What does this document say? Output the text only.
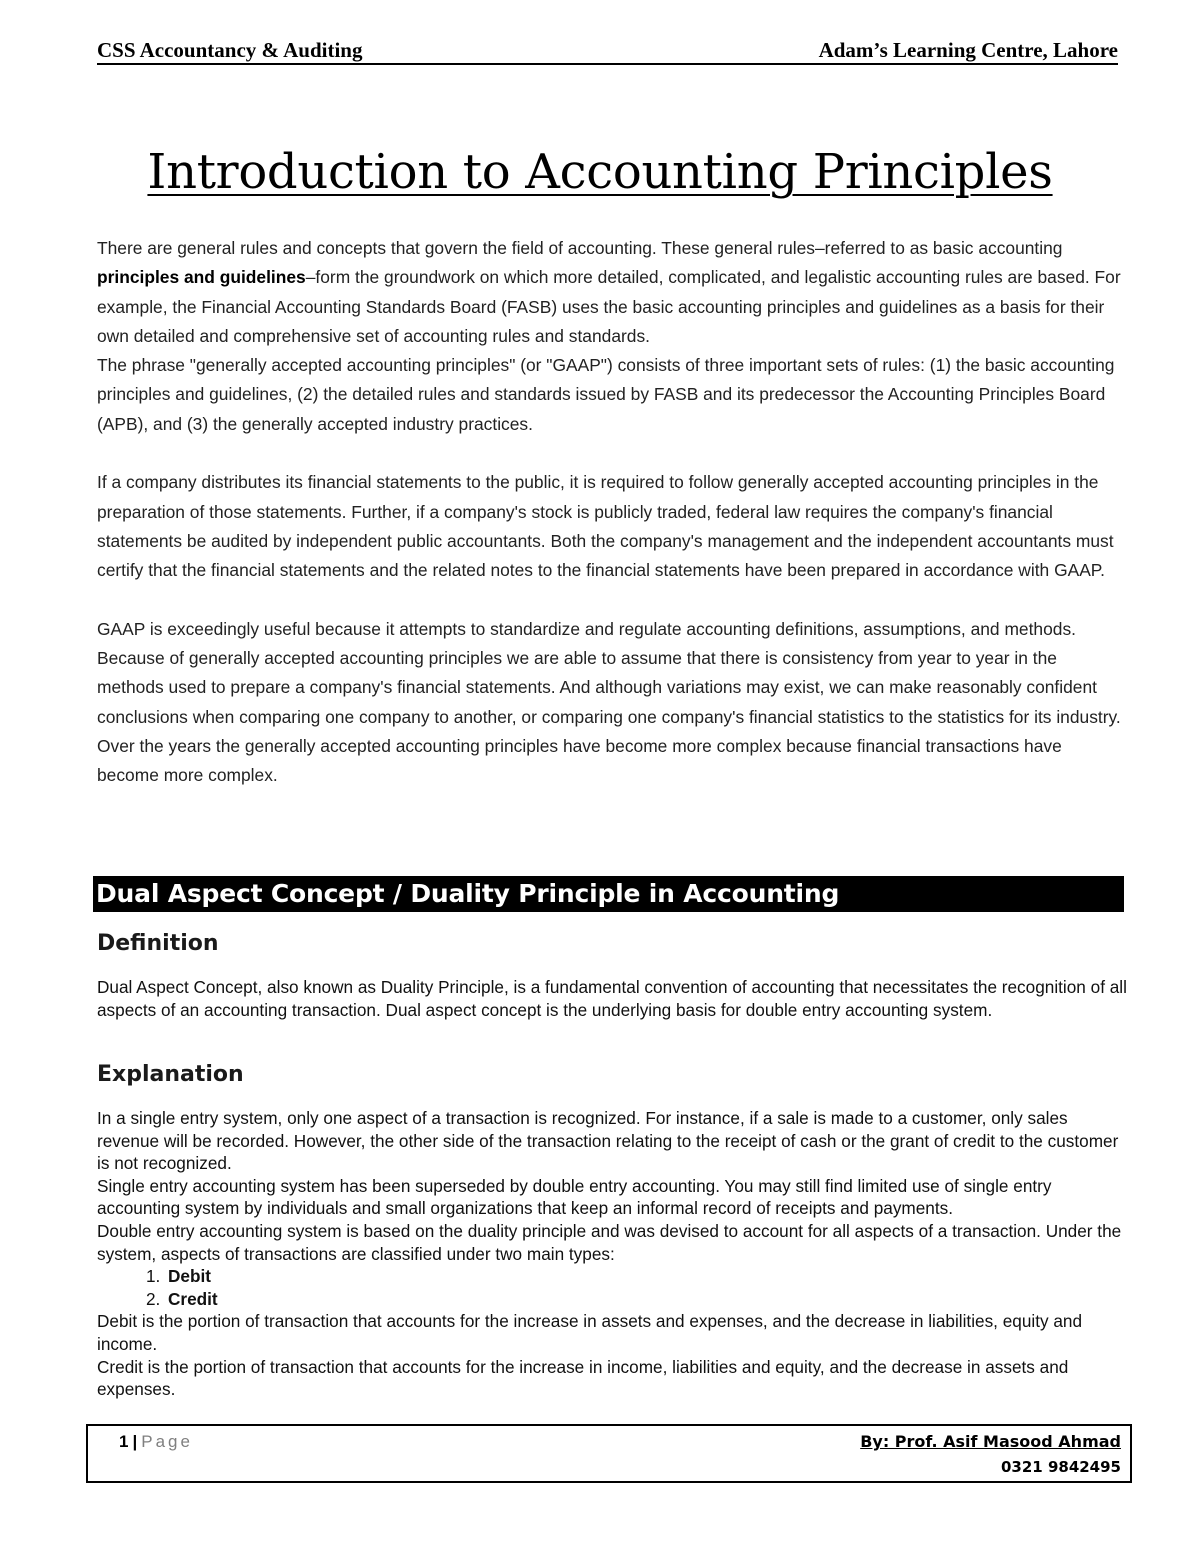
CSS Accountancy & Auditing	Adam’s Learning Centre, Lahore
Introduction to Accounting Principles

There are general rules and concepts that govern the field of accounting. These general rules–referred to as basic accounting principles and guidelines–form the groundwork on which more detailed, complicated, and legalistic accounting rules are based. For example, the Financial Accounting Standards Board (FASB) uses the basic accounting principles and guidelines as a basis for their own detailed and comprehensive set of accounting rules and standards.

The phrase "generally accepted accounting principles" (or "GAAP") consists of three important sets of rules: (1) the basic accounting principles and guidelines, (2) the detailed rules and standards issued by FASB and its predecessor the Accounting Principles Board (APB), and (3) the generally accepted industry practices.

If a company distributes its financial statements to the public, it is required to follow generally accepted accounting principles in the preparation of those statements. Further, if a company's stock is publicly traded, federal law requires the company's financial statements be audited by independent public accountants. Both the company's management and the independent accountants must certify that the financial statements and the related notes to the financial statements have been prepared in accordance with GAAP.

GAAP is exceedingly useful because it attempts to standardize and regulate accounting definitions, assumptions, and methods. Because of generally accepted accounting principles we are able to assume that there is consistency from year to year in the methods used to prepare a company's financial statements. And although variations may exist, we can make reasonably confident conclusions when comparing one company to another, or comparing one company's financial statistics to the statistics for its industry. Over the years the generally accepted accounting principles have become more complex because financial transactions have become more complex.

Dual Aspect Concept / Duality Principle in Accounting
Definition

Dual Aspect Concept, also known as Duality Principle, is a fundamental convention of accounting that necessitates the recognition of all aspects of an accounting transaction. Dual aspect concept is the underlying basis for double entry accounting system.

Explanation

In a single entry system, only one aspect of a transaction is recognized. For instance, if a sale is made to a customer, only sales revenue will be recorded. However, the other side of the transaction relating to the receipt of cash or the grant of credit to the customer is not recognized.

Single entry accounting system has been superseded by double entry accounting. You may still find limited use of single entry accounting system by individuals and small organizations that keep an informal record of receipts and payments.

Double entry accounting system is based on the duality principle and was devised to account for all aspects of a transaction. Under the system, aspects of transactions are classified under two main types:

1. Debit
2. Credit

Debit is the portion of transaction that accounts for the increase in assets and expenses, and the decrease in liabilities, equity and income.

Credit is the portion of transaction that accounts for the increase in income, liabilities and equity, and the decrease in assets and expenses.

1 | Page	By: Prof. Asif Masood Ahmad
0321 9842495
